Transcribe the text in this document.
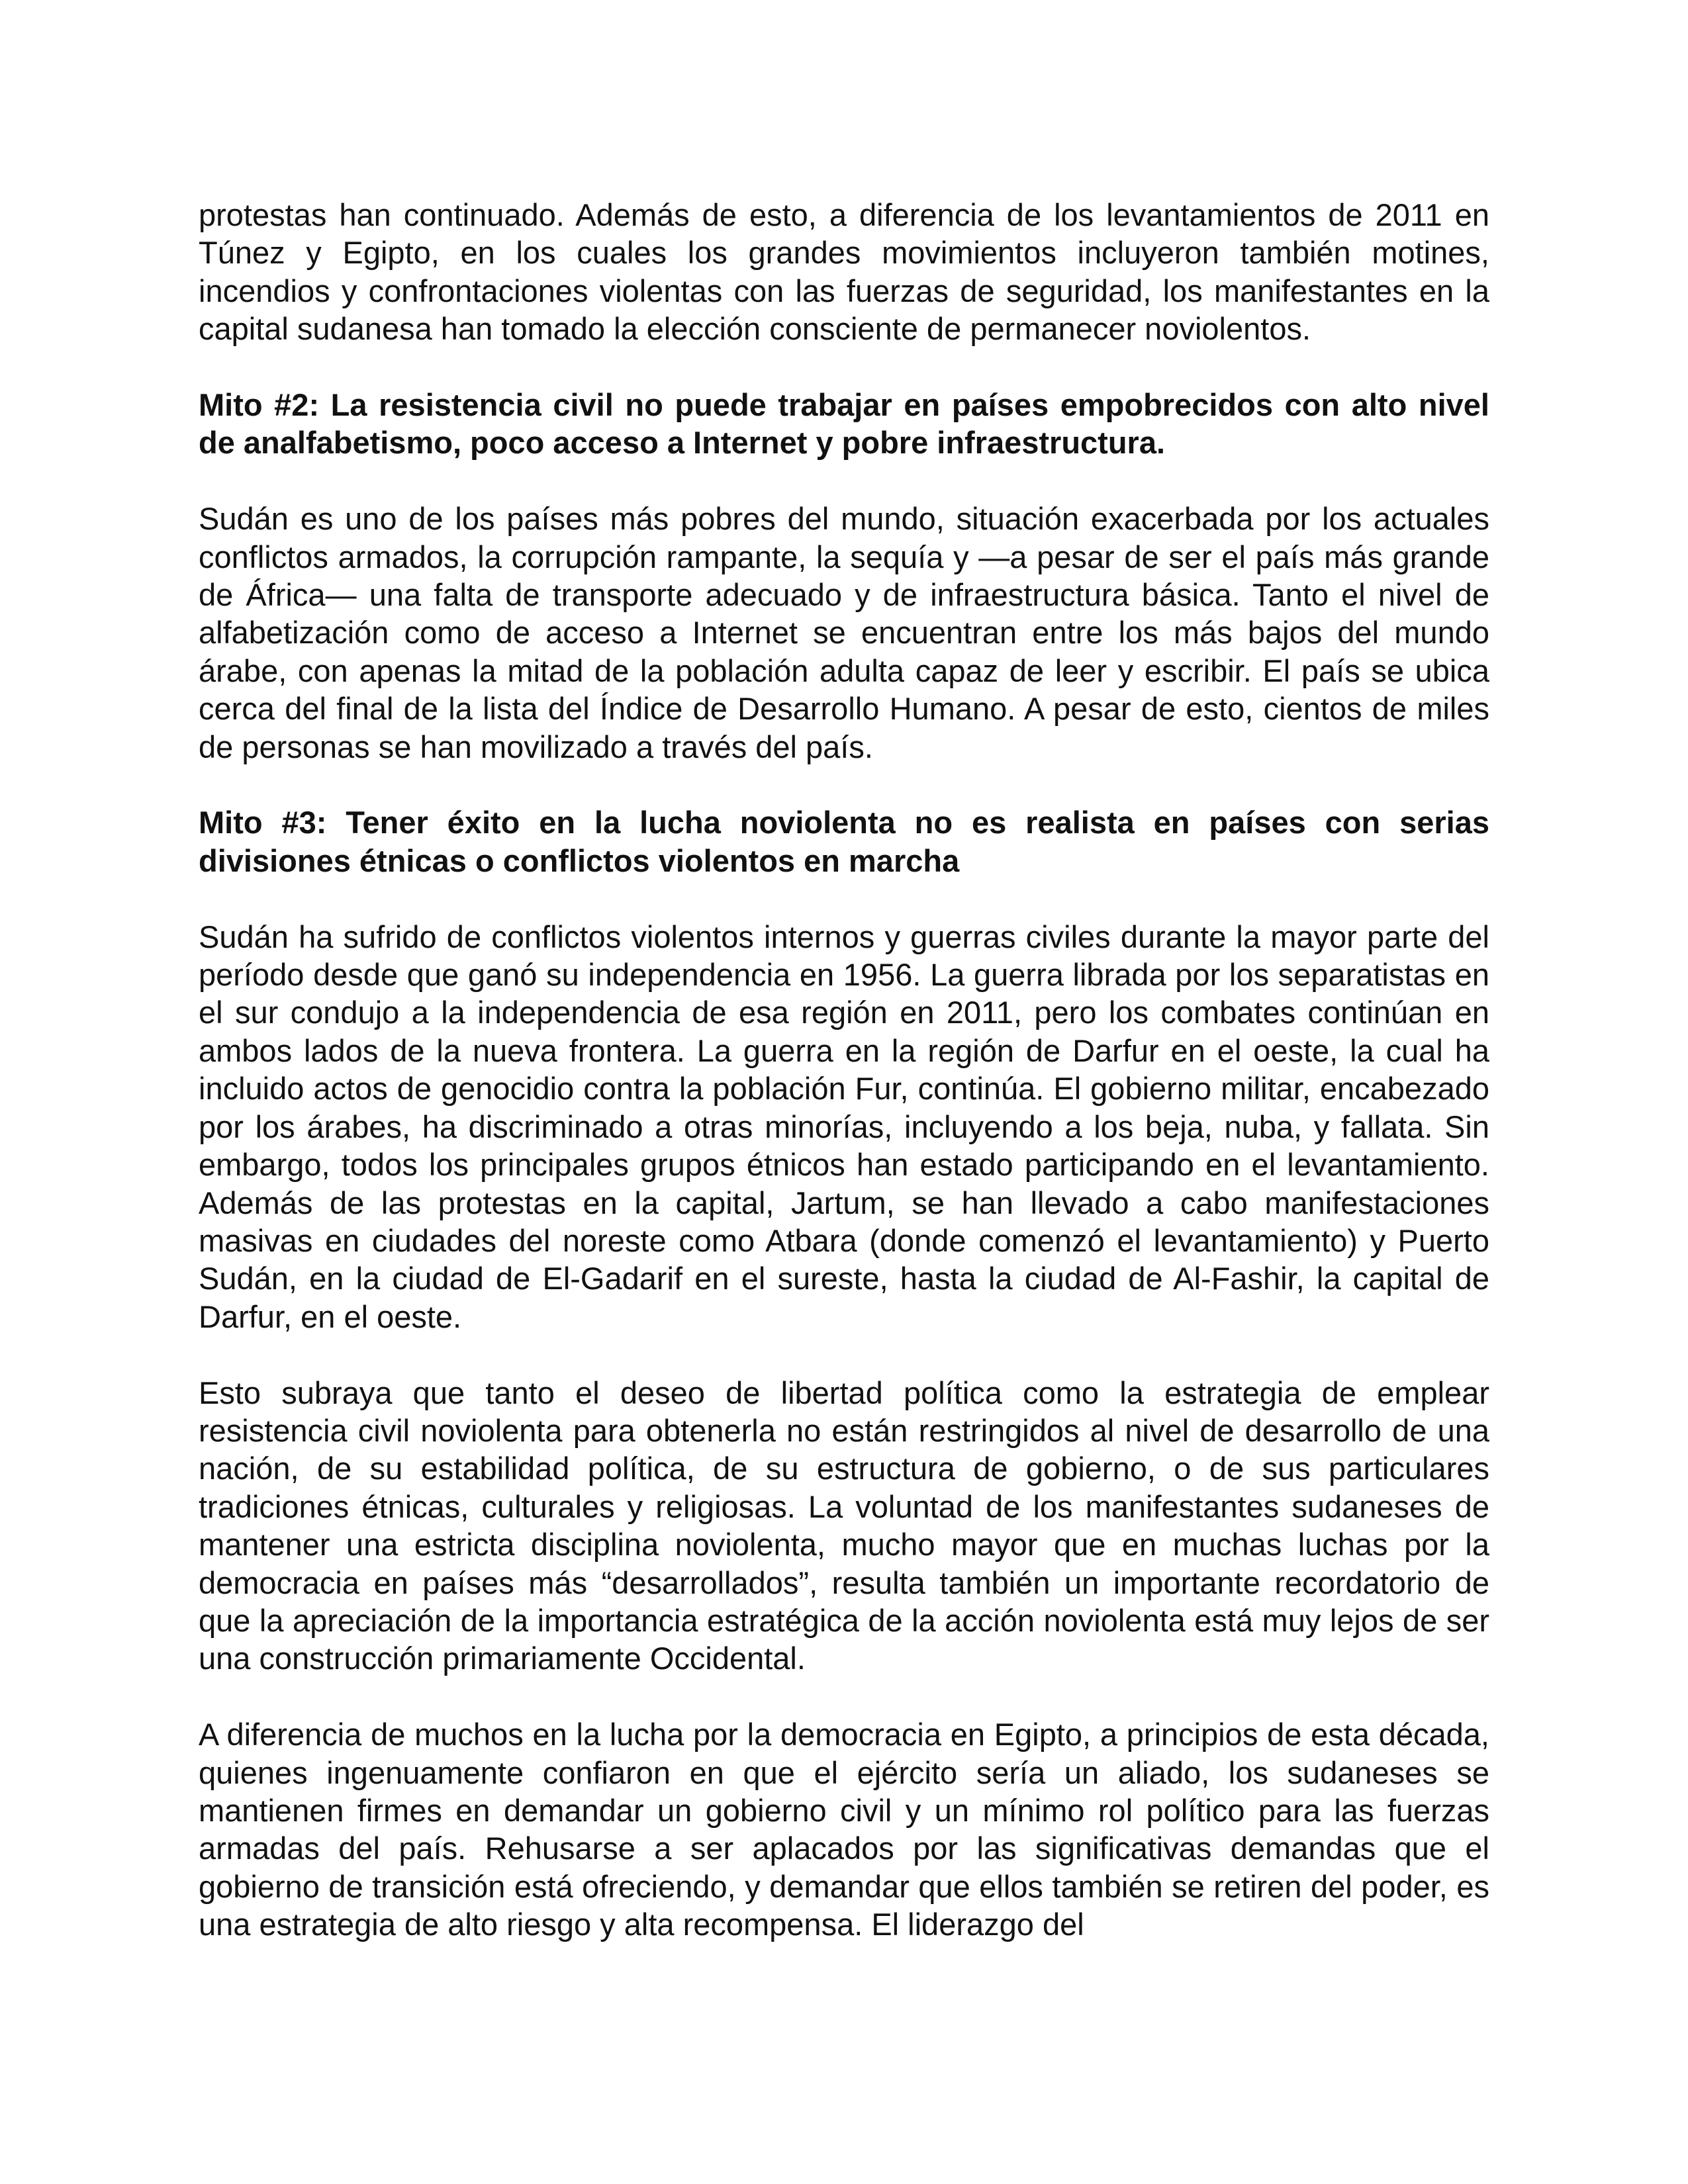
protestas han continuado. Además de esto, a diferencia de los levantamientos de 2011 en Túnez y Egipto, en los cuales los grandes movimientos incluyeron también motines, incendios y confrontaciones violentas con las fuerzas de seguridad, los manifestantes en la capital sudanesa han tomado la elección consciente de permanecer noviolentos.

Mito #2: La resistencia civil no puede trabajar en países empobrecidos con alto nivel de analfabetismo, poco acceso a Internet y pobre infraestructura.

Sudán es uno de los países más pobres del mundo, situación exacerbada por los actuales conflictos armados, la corrupción rampante, la sequía y —a pesar de ser el país más grande de África— una falta de transporte adecuado y de infraestructura básica. Tanto el nivel de alfabetización como de acceso a Internet se encuentran entre los más bajos del mundo árabe, con apenas la mitad de la población adulta capaz de leer y escribir. El país se ubica cerca del final de la lista del Índice de Desarrollo Humano. A pesar de esto, cientos de miles de personas se han movilizado a través del país.

Mito #3: Tener éxito en la lucha noviolenta no es realista en países con serias divisiones étnicas o conflictos violentos en marcha

Sudán ha sufrido de conflictos violentos internos y guerras civiles durante la mayor parte del período desde que ganó su independencia en 1956. La guerra librada por los separatistas en el sur condujo a la independencia de esa región en 2011, pero los combates continúan en ambos lados de la nueva frontera. La guerra en la región de Darfur en el oeste, la cual ha incluido actos de genocidio contra la población Fur, continúa. El gobierno militar, encabezado por los árabes, ha discriminado a otras minorías, incluyendo a los beja, nuba, y fallata. Sin embargo, todos los principales grupos étnicos han estado participando en el levantamiento. Además de las protestas en la capital, Jartum, se han llevado a cabo manifestaciones masivas en ciudades del noreste como Atbara (donde comenzó el levantamiento) y Puerto Sudán, en la ciudad de El-Gadarif en el sureste, hasta la ciudad de Al-Fashir, la capital de Darfur, en el oeste.

Esto subraya que tanto el deseo de libertad política como la estrategia de emplear resistencia civil noviolenta para obtenerla no están restringidos al nivel de desarrollo de una nación, de su estabilidad política, de su estructura de gobierno, o de sus particulares tradiciones étnicas, culturales y religiosas. La voluntad de los manifestantes sudaneses de mantener una estricta disciplina noviolenta, mucho mayor que en muchas luchas por la democracia en países más “desarrollados”, resulta también un importante recordatorio de que la apreciación de la importancia estratégica de la acción noviolenta está muy lejos de ser una construcción primariamente Occidental.

A diferencia de muchos en la lucha por la democracia en Egipto, a principios de esta década, quienes ingenuamente confiaron en que el ejército sería un aliado, los sudaneses se mantienen firmes en demandar un gobierno civil y un mínimo rol político para las fuerzas armadas del país. Rehusarse a ser aplacados por las significativas demandas que el gobierno de transición está ofreciendo, y demandar que ellos también se retiren del poder, es una estrategia de alto riesgo y alta recompensa. El liderazgo del
